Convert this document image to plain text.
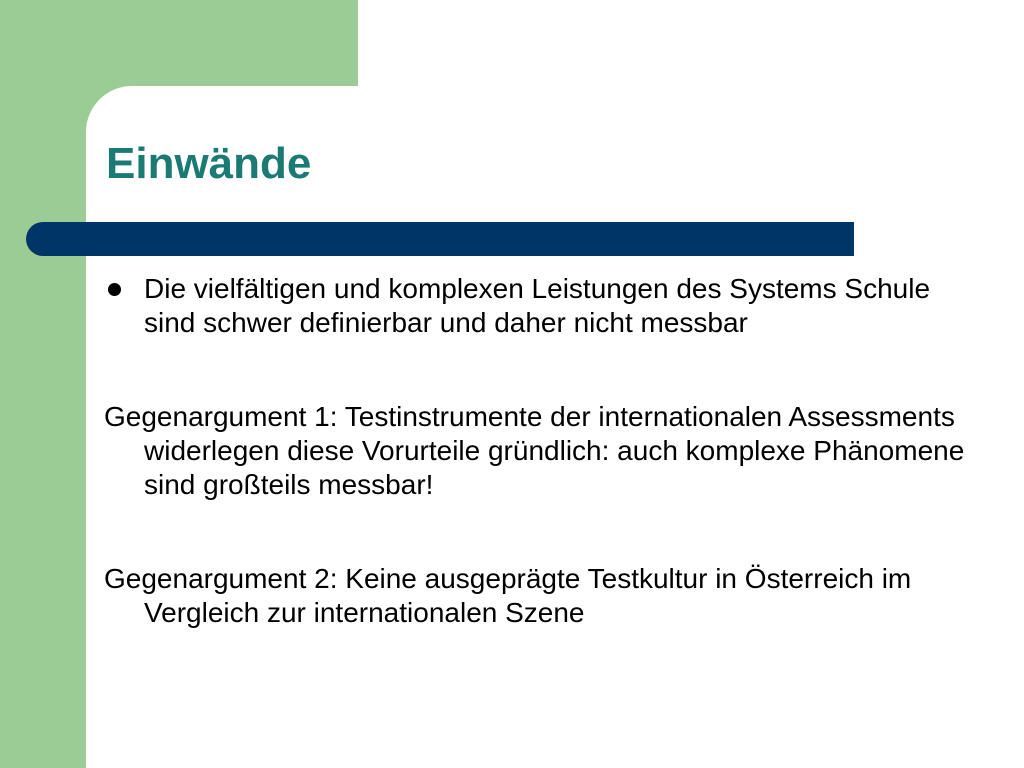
Einwände

Die vielfältigen und komplexen Leistungen des Systems Schule sind schwer definierbar und daher nicht messbar

Gegenargument 1: Testinstrumente der internationalen Assessments widerlegen diese Vorurteile gründlich: auch komplexe Phänomene sind großteils messbar!

Gegenargument 2: Keine ausgeprägte Testkultur in Österreich im Vergleich zur internationalen Szene
